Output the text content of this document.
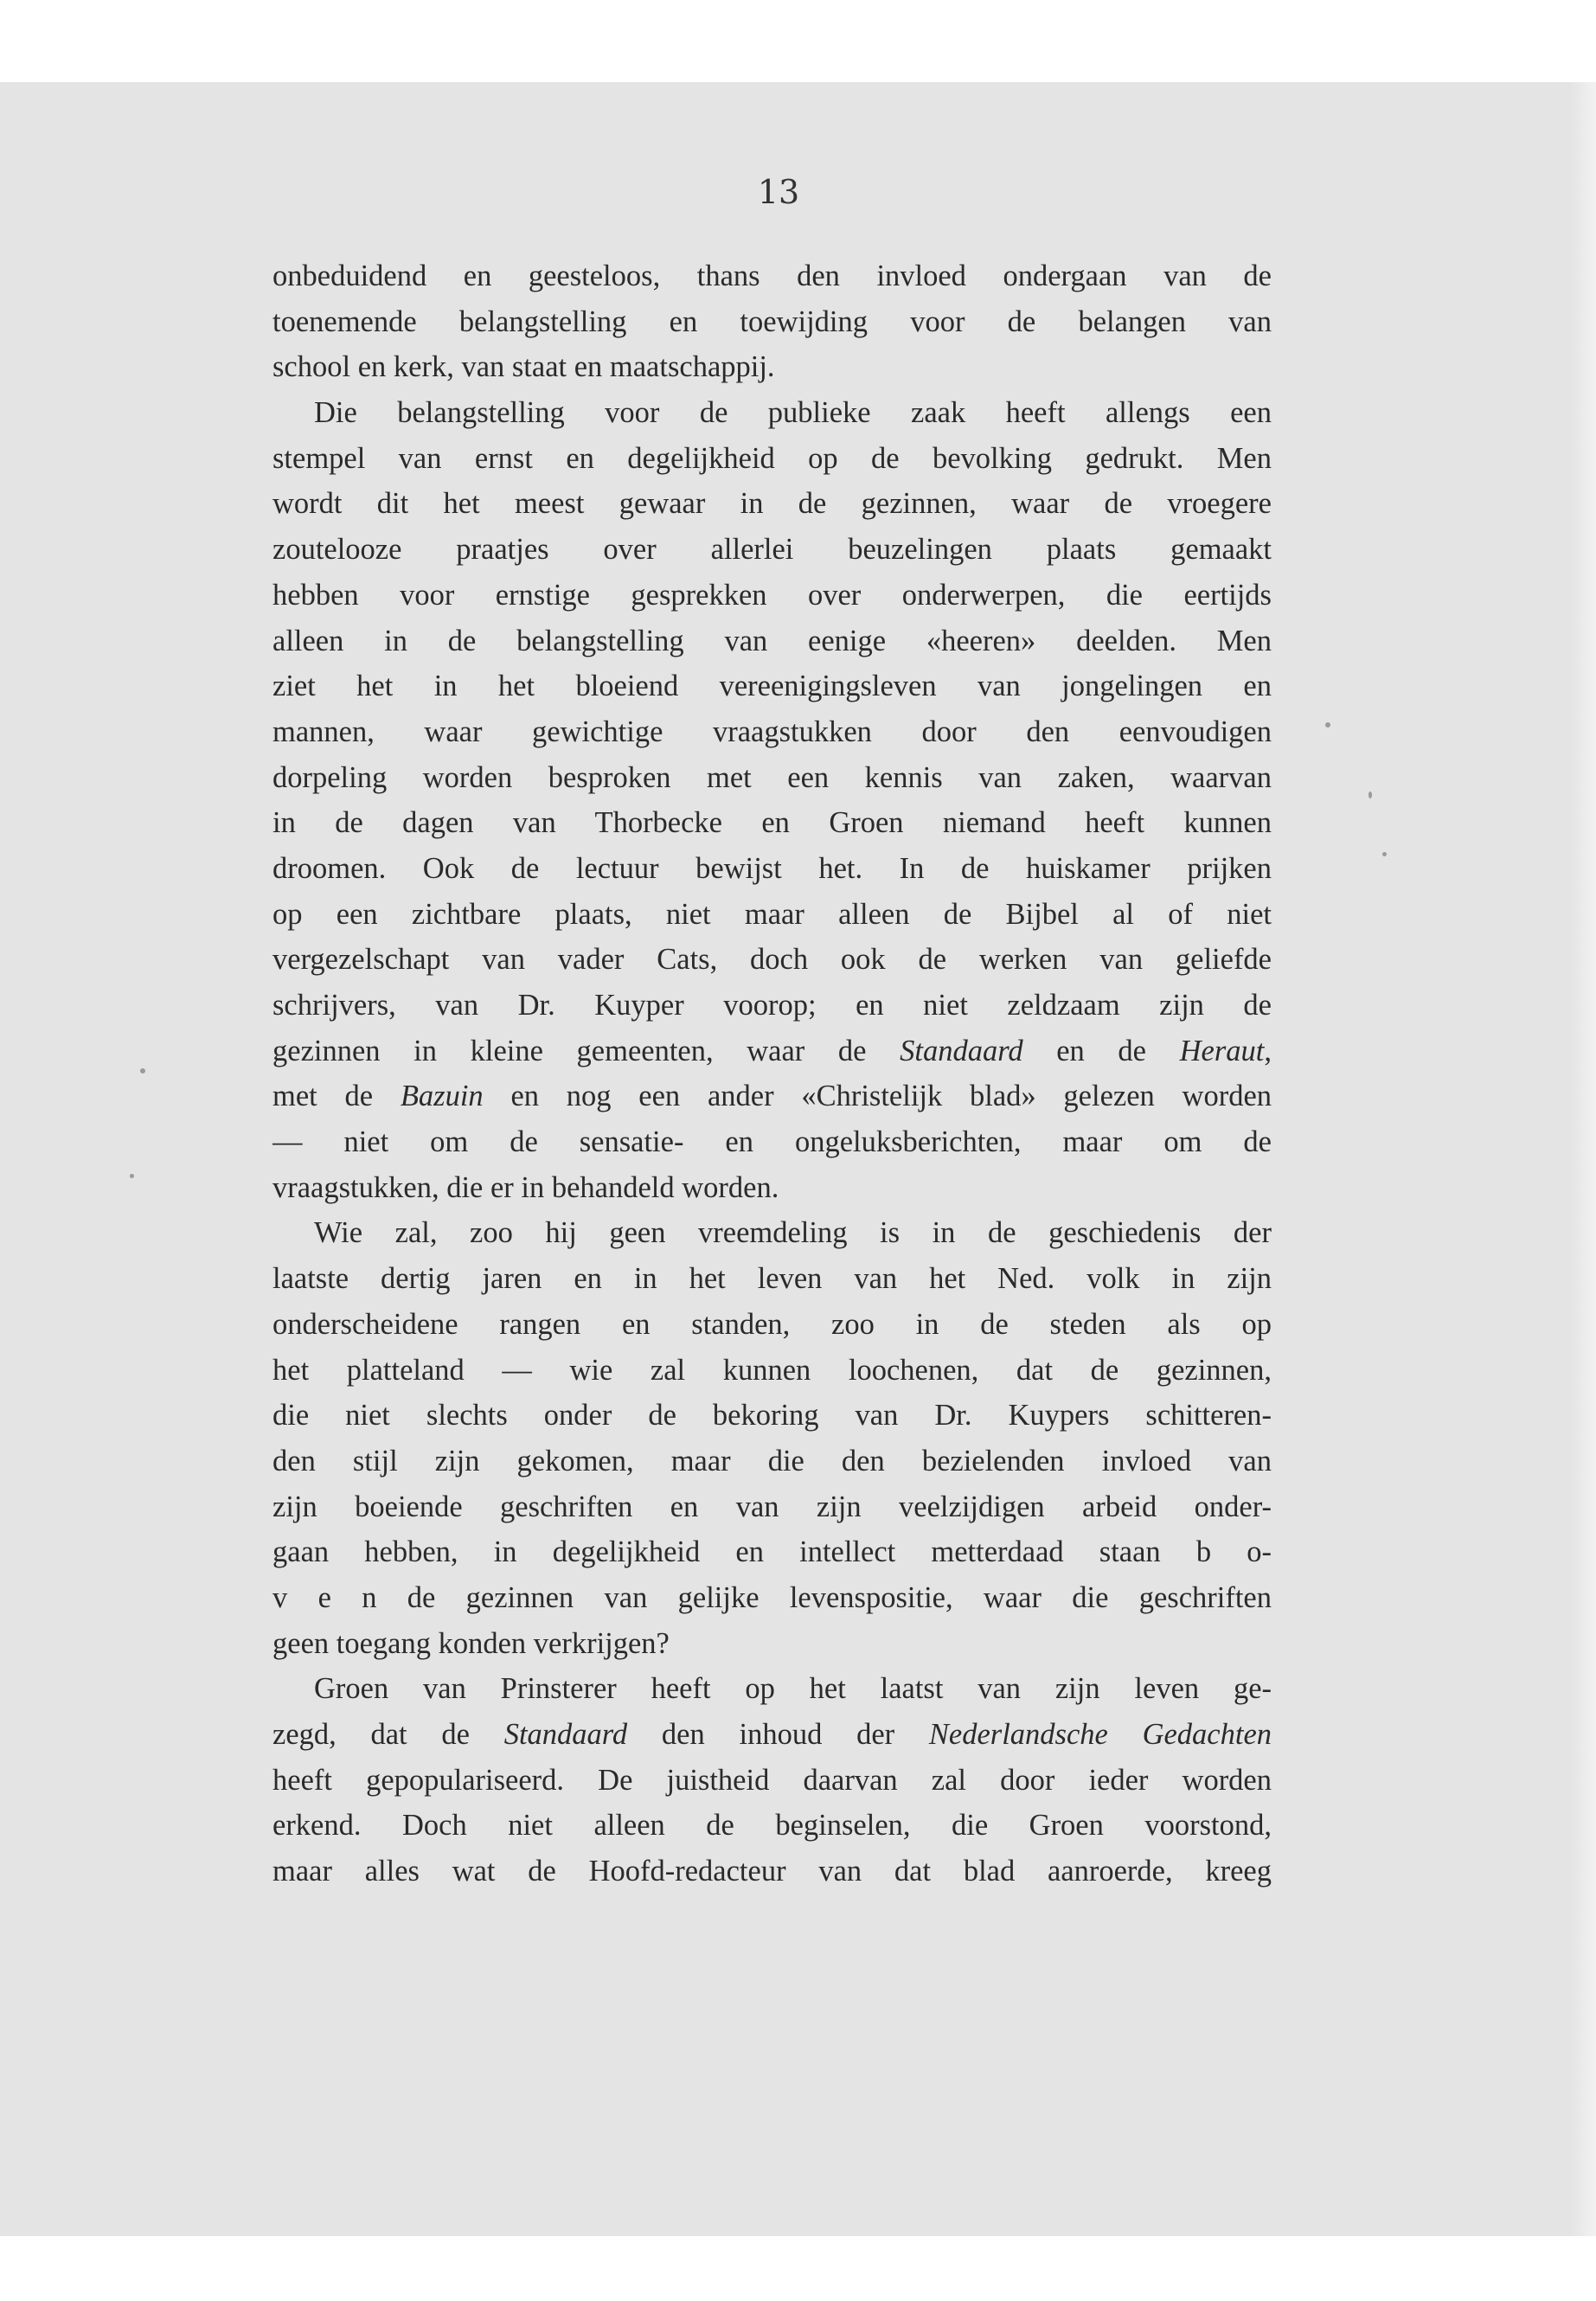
13
onbeduidend en geesteloos, thans den invloed ondergaan van de
toenemende belangstelling en toewijding voor de belangen van
school en kerk, van staat en maatschappij.
Die belangstelling voor de publieke zaak heeft allengs een
stempel van ernst en degelijkheid op de bevolking gedrukt. Men
wordt dit het meest gewaar in de gezinnen, waar de vroegere
zoutelooze praatjes over allerlei beuzelingen plaats gemaakt
hebben voor ernstige gesprekken over onderwerpen, die eertijds
alleen in de belangstelling van eenige «heeren» deelden. Men
ziet het in het bloeiend vereenigingsleven van jongelingen en
mannen, waar gewichtige vraagstukken door den eenvoudigen
dorpeling worden besproken met een kennis van zaken, waarvan
in de dagen van Thorbecke en Groen niemand heeft kunnen
droomen. Ook de lectuur bewijst het. In de huiskamer prijken
op een zichtbare plaats, niet maar alleen de Bijbel al of niet
vergezelschapt van vader Cats, doch ook de werken van geliefde
schrijvers, van Dr. Kuyper voorop; en niet zeldzaam zijn de
gezinnen in kleine gemeenten, waar de Standaard en de Heraut,
met de Bazuin en nog een ander «Christelijk blad» gelezen worden
— niet om de sensatie- en ongeluksberichten, maar om de
vraagstukken, die er in behandeld worden.
Wie zal, zoo hij geen vreemdeling is in de geschiedenis der
laatste dertig jaren en in het leven van het Ned. volk in zijn
onderscheidene rangen en standen, zoo in de steden als op
het platteland — wie zal kunnen loochenen, dat de gezinnen,
die niet slechts onder de bekoring van Dr. Kuypers schitteren-
den stijl zijn gekomen, maar die den bezielenden invloed van
zijn boeiende geschriften en van zijn veelzijdigen arbeid onder-
gaan hebben, in degelijkheid en intellect metterdaad staan b o-
v e n de gezinnen van gelijke levenspositie, waar die geschriften
geen toegang konden verkrijgen?
Groen van Prinsterer heeft op het laatst van zijn leven ge-
zegd, dat de Standaard den inhoud der Nederlandsche Gedachten
heeft gepopulariseerd. De juistheid daarvan zal door ieder worden
erkend. Doch niet alleen de beginselen, die Groen voorstond,
maar alles wat de Hoofd-redacteur van dat blad aanroerde, kreeg
